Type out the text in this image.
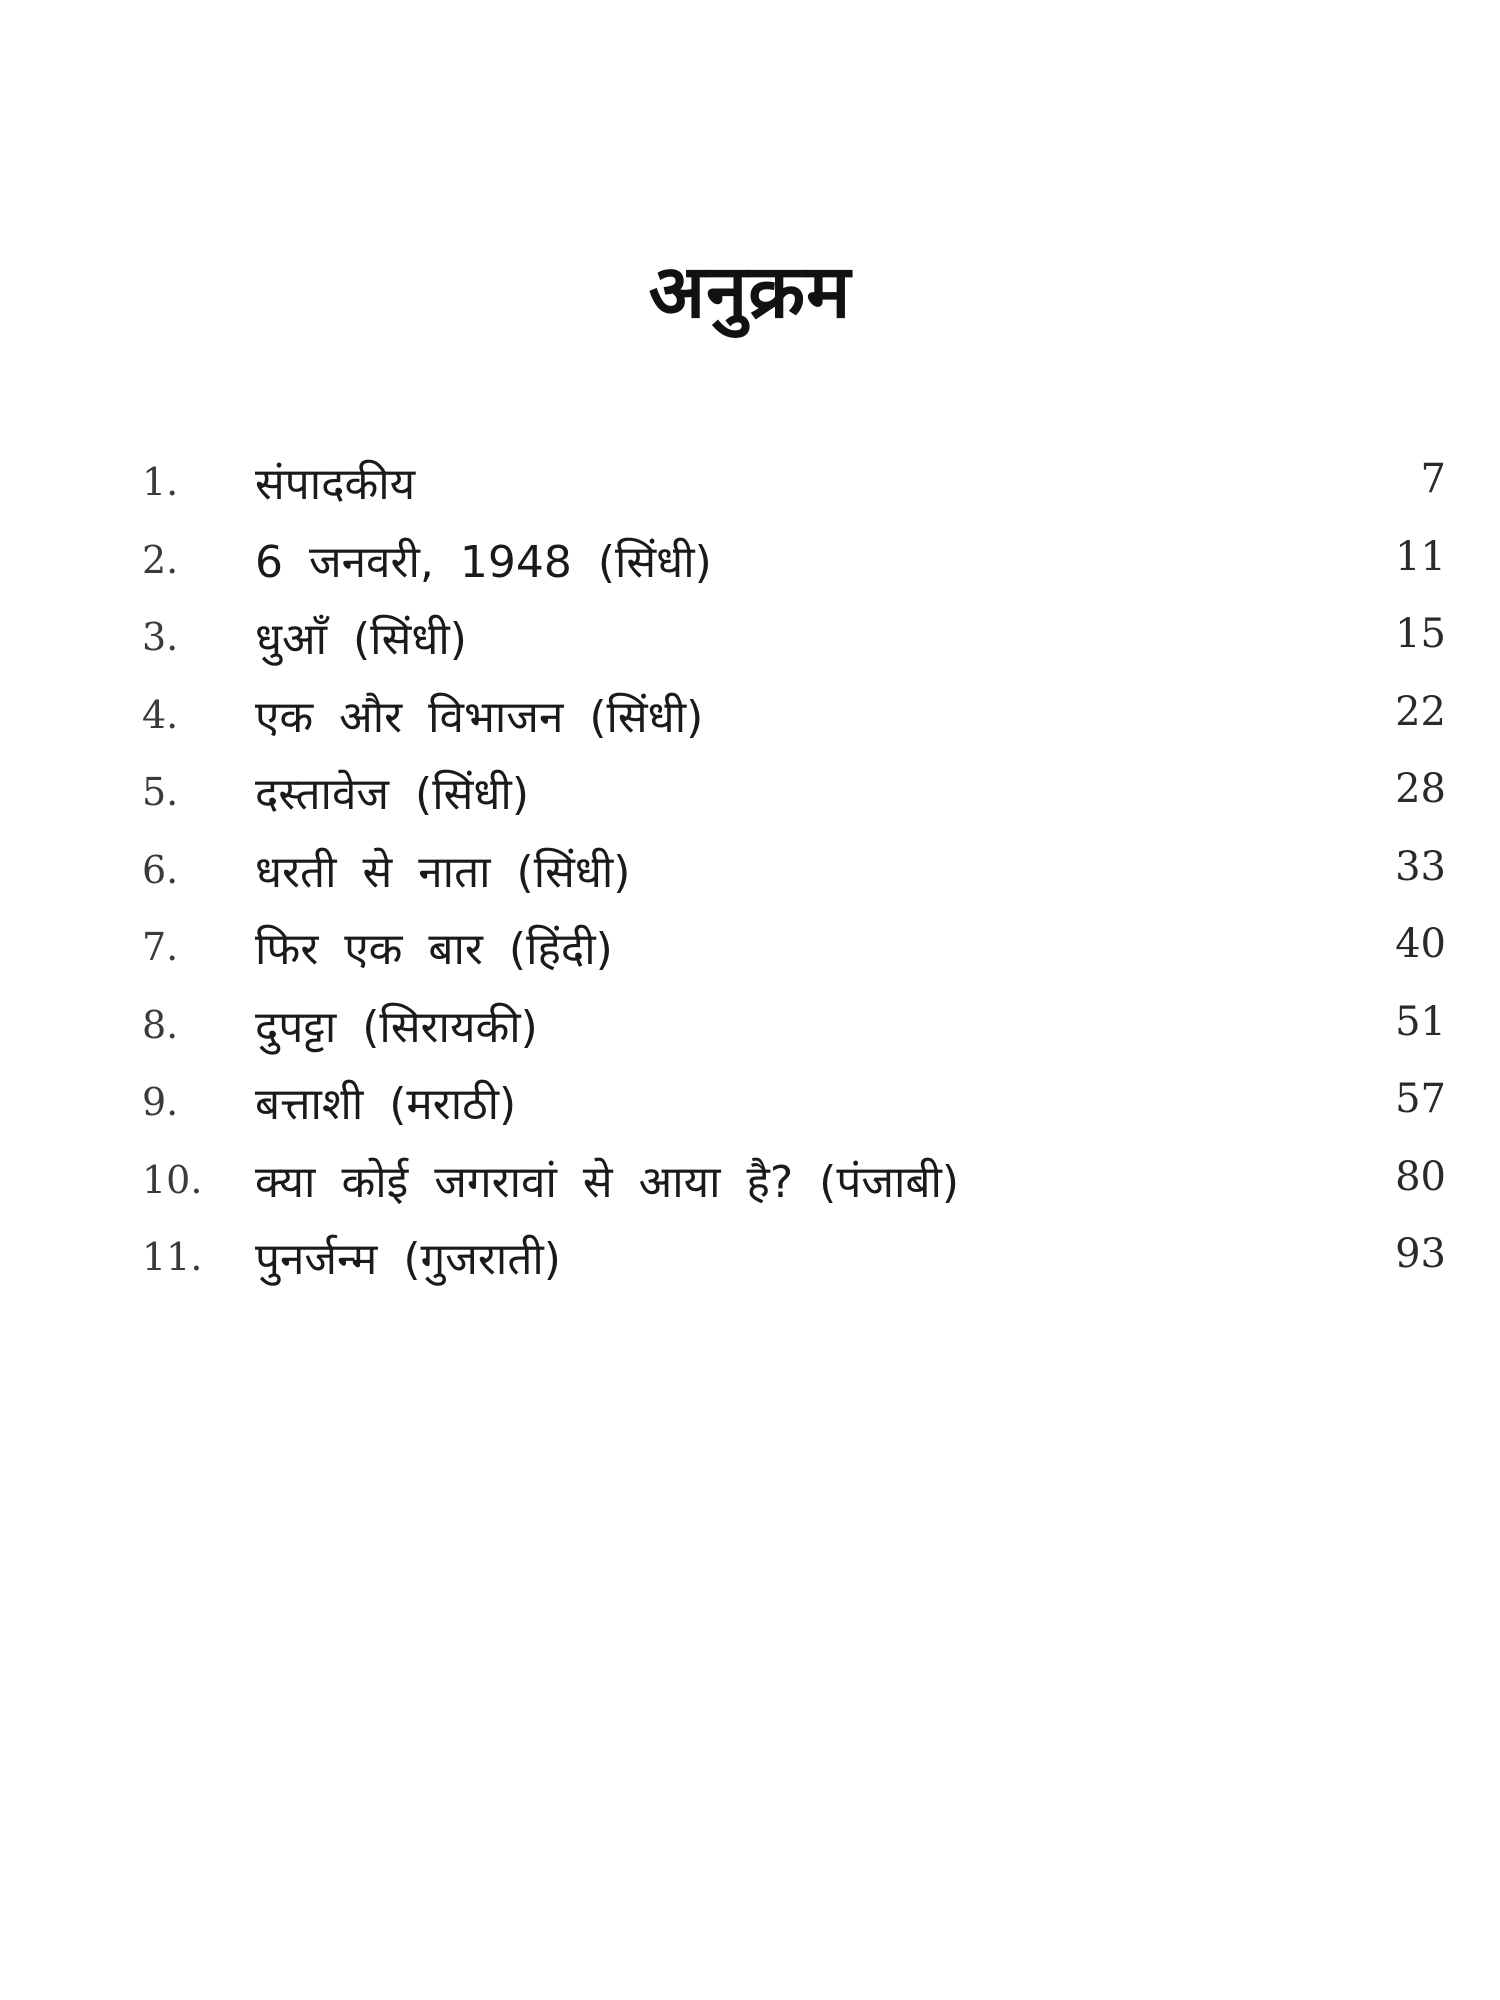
अनुक्रम
1. संपादकीय	7
2. 6 जनवरी, 1948 (सिंधी)	11
3. धुआँ (सिंधी)	15
4. एक और विभाजन (सिंधी)	22
5. दस्तावेज (सिंधी)	28
6. धरती से नाता (सिंधी)	33
7. फिर एक बार (हिंदी)	40
8. दुपट्टा (सिरायकी)	51
9. बत्ताशी (मराठी)	57
10. क्या कोई जगरावां से आया है? (पंजाबी)	80
11. पुनर्जन्म (गुजराती)	93
